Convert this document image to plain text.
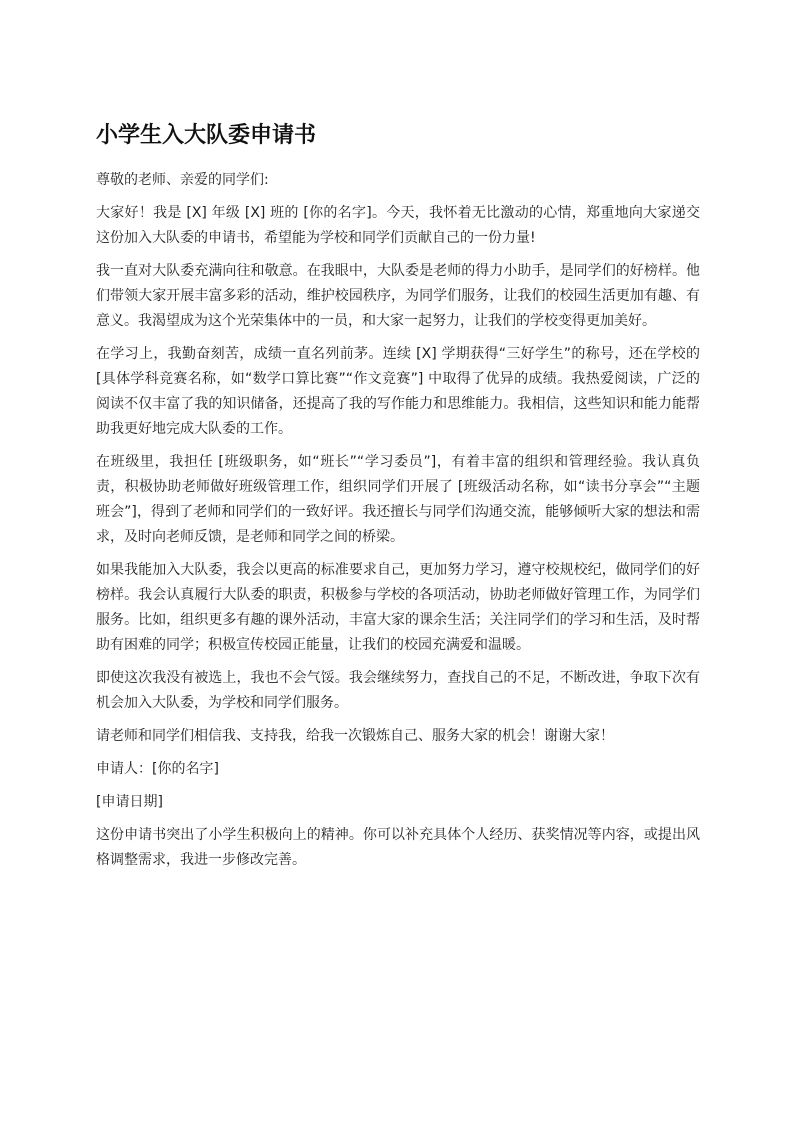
小学生入大队委申请书

尊敬的老师、亲爱的同学们:

大家好！我是 [X] 年级 [X] 班的 [你的名字]。今天，我怀着无比激动的心情，郑重地向大家递交这份加入大队委的申请书，希望能为学校和同学们贡献自己的一份力量!

我一直对大队委充满向往和敬意。在我眼中，大队委是老师的得力小助手，是同学们的好榜样。他们带领大家开展丰富多彩的活动，维护校园秩序，为同学们服务，让我们的校园生活更加有趣、有意义。我渴望成为这个光荣集体中的一员，和大家一起努力，让我们的学校变得更加美好。

在学习上，我勤奋刻苦，成绩一直名列前茅。连续 [X] 学期获得“三好学生”的称号，还在学校的 [具体学科竞赛名称，如“数学口算比赛”“作文竞赛”] 中取得了优异的成绩。我热爱阅读，广泛的阅读不仅丰富了我的知识储备，还提高了我的写作能力和思维能力。我相信，这些知识和能力能帮助我更好地完成大队委的工作。

在班级里，我担任 [班级职务，如“班长”“学习委员”]，有着丰富的组织和管理经验。我认真负责，积极协助老师做好班级管理工作，组织同学们开展了 [班级活动名称，如“读书分享会”“主题班会”]，得到了老师和同学们的一致好评。我还擅长与同学们沟通交流，能够倾听大家的想法和需求，及时向老师反馈，是老师和同学之间的桥梁。

如果我能加入大队委，我会以更高的标准要求自己，更加努力学习，遵守校规校纪，做同学们的好榜样。我会认真履行大队委的职责，积极参与学校的各项活动，协助老师做好管理工作，为同学们服务。比如，组织更多有趣的课外活动，丰富大家的课余生活；关注同学们的学习和生活，及时帮助有困难的同学；积极宣传校园正能量，让我们的校园充满爱和温暖。

即使这次我没有被选上，我也不会气馁。我会继续努力，查找自己的不足，不断改进，争取下次有机会加入大队委，为学校和同学们服务。

请老师和同学们相信我、支持我，给我一次锻炼自己、服务大家的机会！谢谢大家！

申请人：[你的名字]

[申请日期]

这份申请书突出了小学生积极向上的精神。你可以补充具体个人经历、获奖情况等内容，或提出风格调整需求，我进一步修改完善。
